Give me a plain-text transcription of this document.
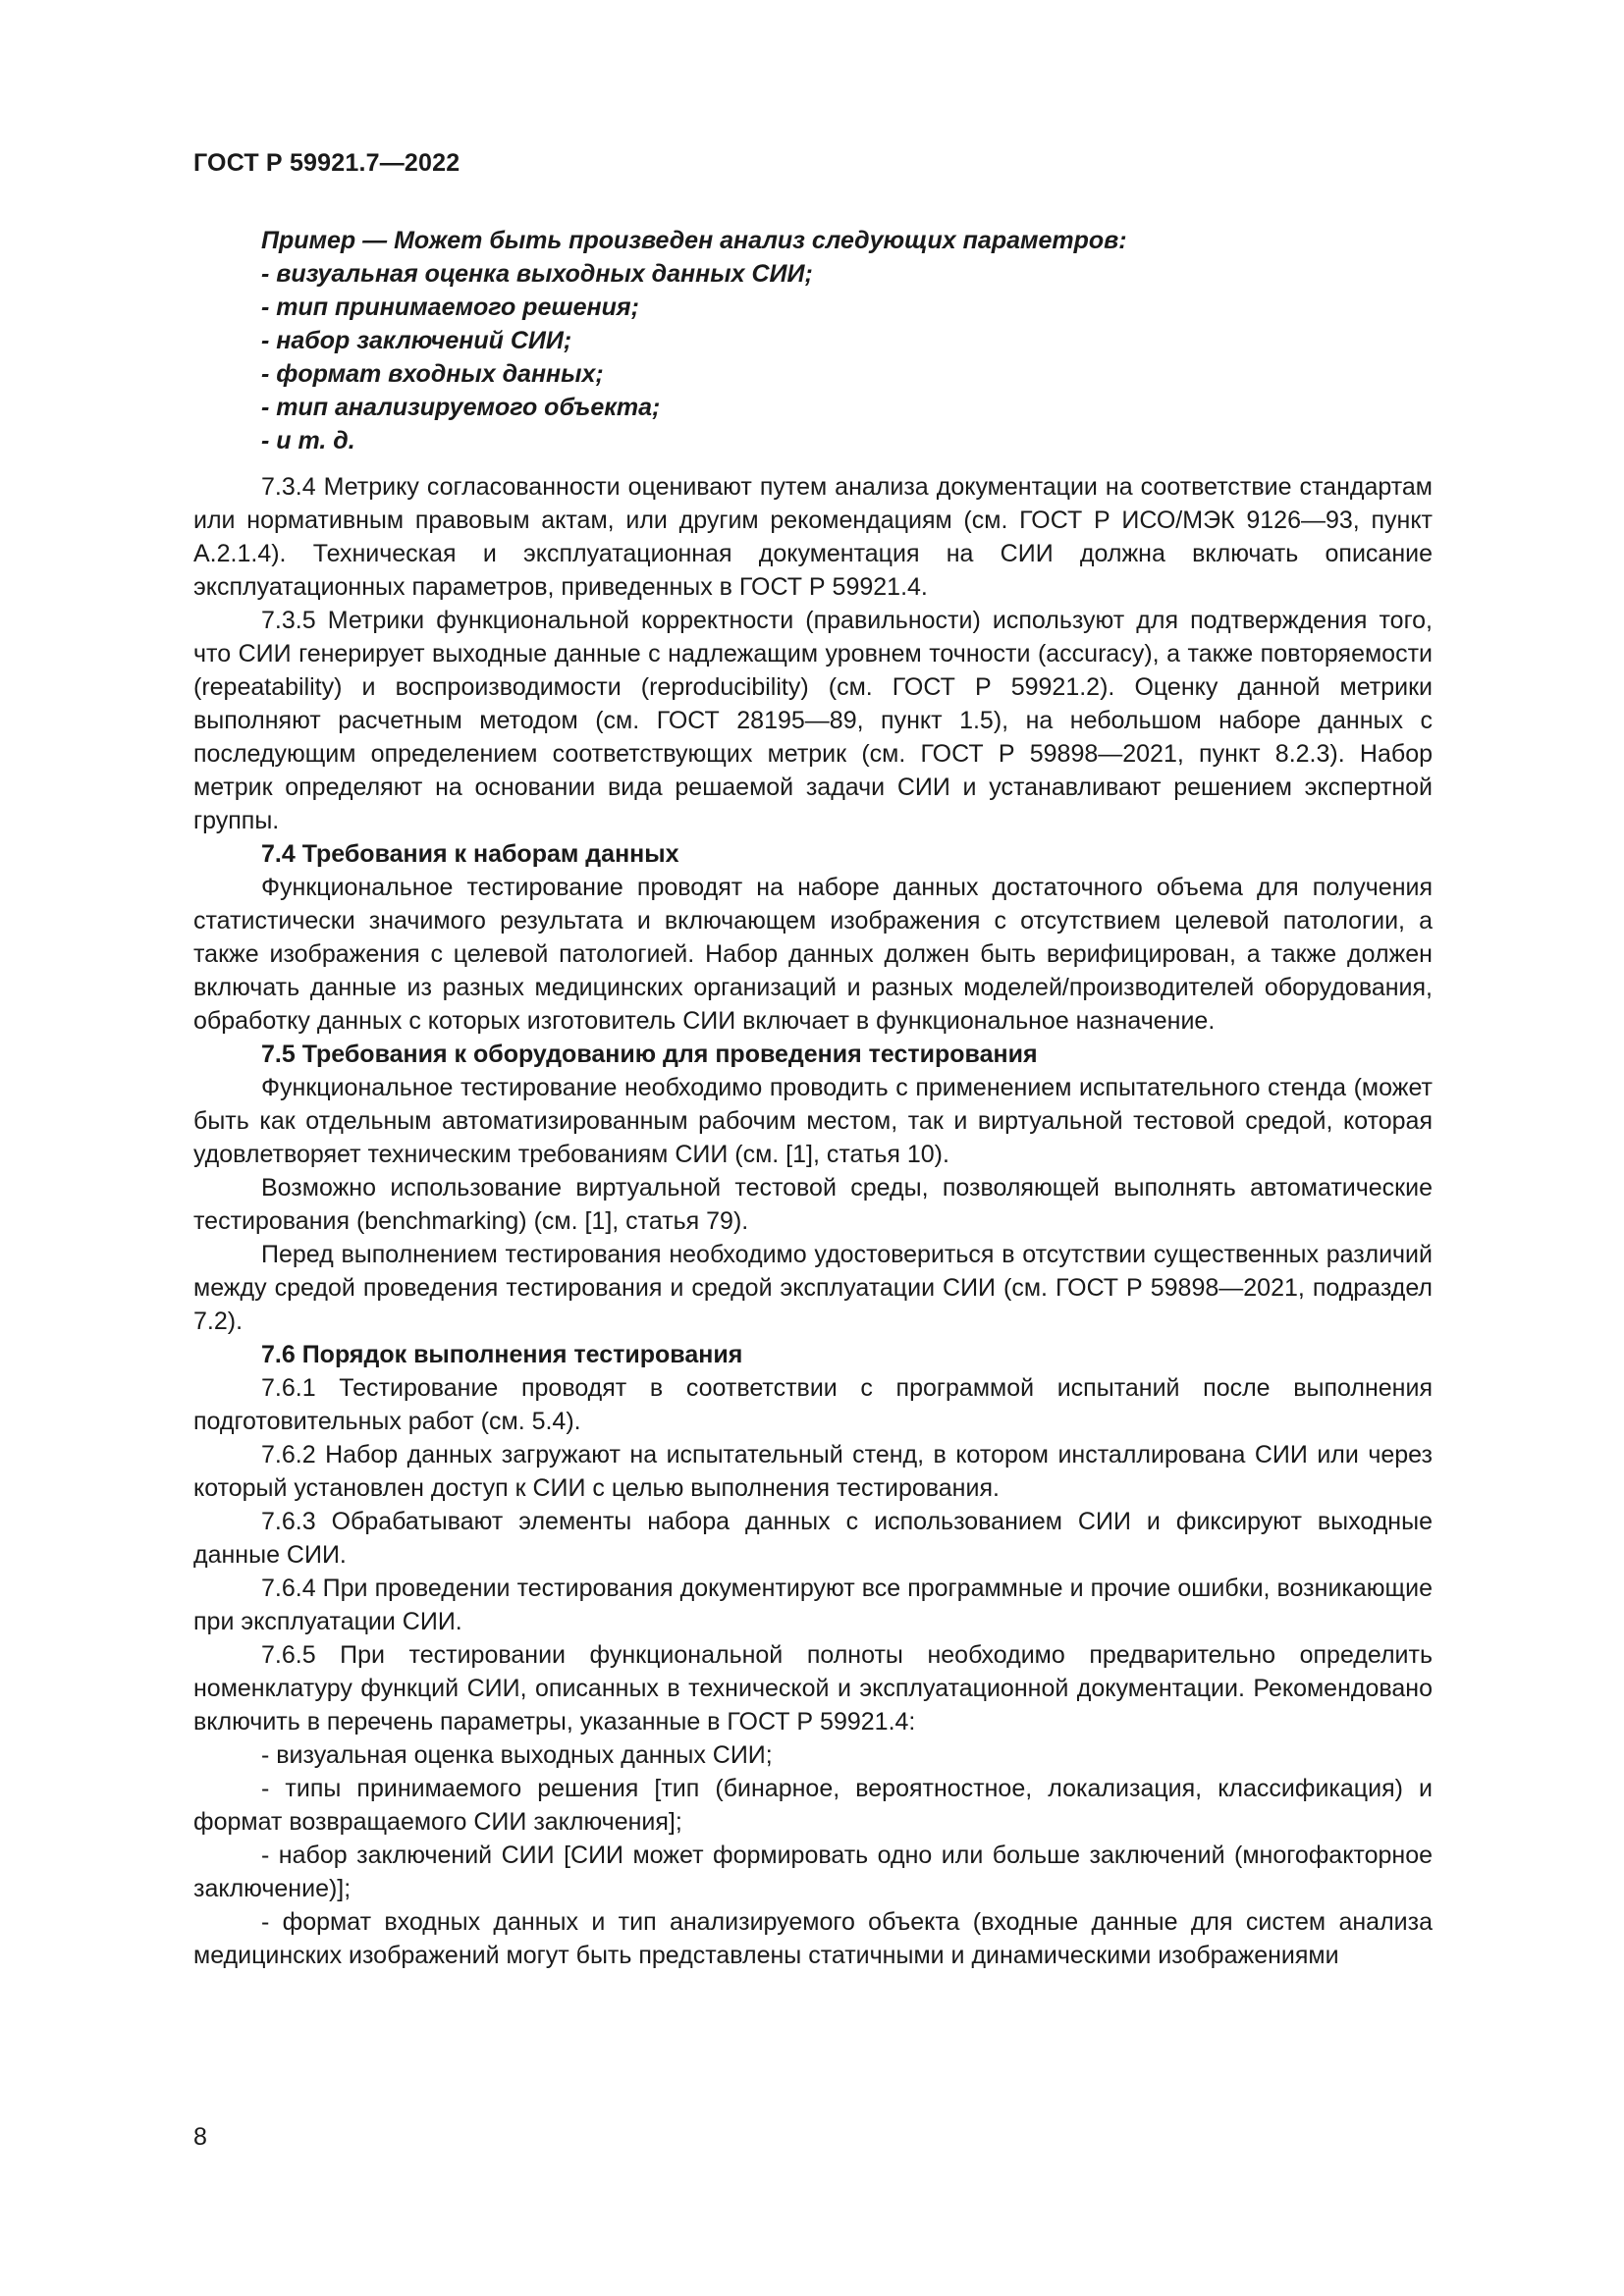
ГОСТ Р 59921.7—2022

Пример — Может быть произведен анализ следующих параметров:

- визуальная оценка выходных данных СИИ;

- тип принимаемого решения;

- набор заключений СИИ;

- формат входных данных;

- тип анализируемого объекта;

- и т. д.

7.3.4 Метрику согласованности оценивают путем анализа документации на соответствие стандартам или нормативным правовым актам, или другим рекомендациям (см. ГОСТ Р ИСО/МЭК 9126—93, пункт А.2.1.4). Техническая и эксплуатационная документация на СИИ должна включать описание эксплуатационных параметров, приведенных в ГОСТ Р 59921.4.

7.3.5 Метрики функциональной корректности (правильности) используют для подтверждения того, что СИИ генерирует выходные данные с надлежащим уровнем точности (accuracy), а также повторяемости (repeatability) и воспроизводимости (reproducibility) (см. ГОСТ Р 59921.2). Оценку данной метрики выполняют расчетным методом (см. ГОСТ 28195—89, пункт 1.5), на небольшом наборе данных с последующим определением соответствующих метрик (см. ГОСТ Р 59898—2021, пункт 8.2.3). Набор метрик определяют на основании вида решаемой задачи СИИ и устанавливают решением экспертной группы.

7.4 Требования к наборам данных

Функциональное тестирование проводят на наборе данных достаточного объема для получения статистически значимого результата и включающем изображения с отсутствием целевой патологии, а также изображения с целевой патологией. Набор данных должен быть верифицирован, а также должен включать данные из разных медицинских организаций и разных моделей/производителей оборудования, обработку данных с которых изготовитель СИИ включает в функциональное назначение.

7.5 Требования к оборудованию для проведения тестирования

Функциональное тестирование необходимо проводить с применением испытательного стенда (может быть как отдельным автоматизированным рабочим местом, так и виртуальной тестовой средой, которая удовлетворяет техническим требованиям СИИ (см. [1], статья 10).

Возможно использование виртуальной тестовой среды, позволяющей выполнять автоматические тестирования (benchmarking) (см. [1], статья 79).

Перед выполнением тестирования необходимо удостовериться в отсутствии существенных различий между средой проведения тестирования и средой эксплуатации СИИ (см. ГОСТ Р 59898—2021, подраздел 7.2).

7.6 Порядок выполнения тестирования

7.6.1 Тестирование проводят в соответствии с программой испытаний после выполнения подготовительных работ (см. 5.4).

7.6.2 Набор данных загружают на испытательный стенд, в котором инсталлирована СИИ или через который установлен доступ к СИИ с целью выполнения тестирования.

7.6.3 Обрабатывают элементы набора данных с использованием СИИ и фиксируют выходные данные СИИ.

7.6.4 При проведении тестирования документируют все программные и прочие ошибки, возникающие при эксплуатации СИИ.

7.6.5 При тестировании функциональной полноты необходимо предварительно определить номенклатуру функций СИИ, описанных в технической и эксплуатационной документации. Рекомендовано включить в перечень параметры, указанные в ГОСТ Р 59921.4:

- визуальная оценка выходных данных СИИ;

- типы принимаемого решения [тип (бинарное, вероятностное, локализация, классификация) и формат возвращаемого СИИ заключения];

- набор заключений СИИ [СИИ может формировать одно или больше заключений (многофакторное заключение)];

- формат входных данных и тип анализируемого объекта (входные данные для систем анализа медицинских изображений могут быть представлены статичными и динамическими изображениями

8
